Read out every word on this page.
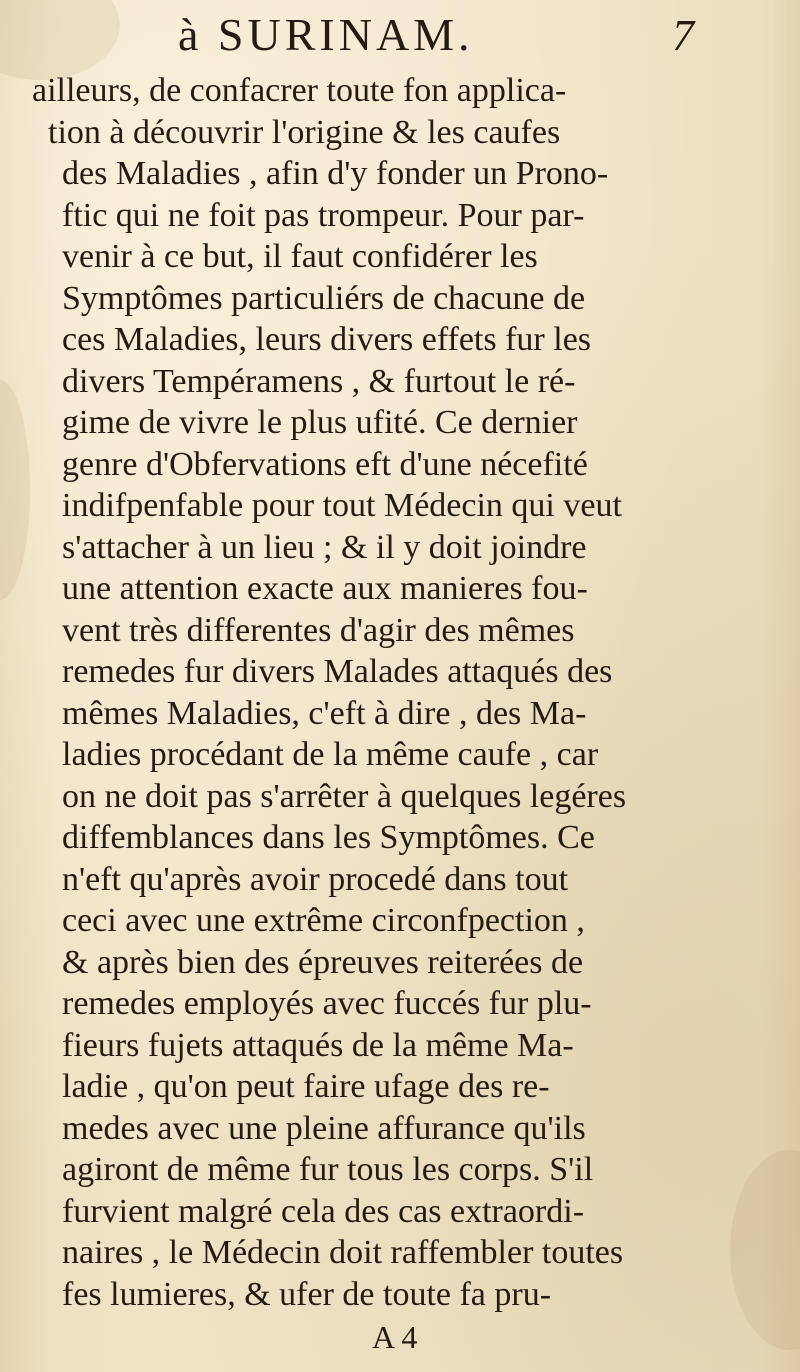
à SURINAM.	7
ailleurs, de confacrer toute fon applica-
tion à découvrir l'origine & les caufes
des Maladies , afin d'y fonder un Prono-
ftic qui ne foit pas trompeur. Pour par-
venir à ce but, il faut confidérer les
Symptômes particuliérs de chacune de
ces Maladies, leurs divers effets fur les
divers Tempéramens , & furtout le ré-
gime de vivre le plus ufité. Ce dernier
genre d'Obfervations eft d'une nécefité
indifpenfable pour tout Médecin qui veut
s'attacher à un lieu ; & il y doit joindre
une attention exacte aux manieres fou-
vent très differentes d'agir des mêmes
remedes fur divers Malades attaqués des
mêmes Maladies, c'eft à dire , des Ma-
ladies procédant de la même caufe , car
on ne doit pas s'arrêter à quelques legéres
diffemblances dans les Symptômes. Ce
n'eft qu'après avoir procedé dans tout
ceci avec une extrême circonfpection ,
& après bien des épreuves reiterées de
remedes employés avec fuccés fur plu-
fieurs fujets attaqués de la même Ma-
ladie , qu'on peut faire ufage des re-
medes avec une pleine affurance qu'ils
agiront de même fur tous les corps. S'il
furvient malgré cela des cas extraordi-
naires , le Médecin doit raffembler toutes
fes lumieres, & ufer de toute fa pru-
A 4
